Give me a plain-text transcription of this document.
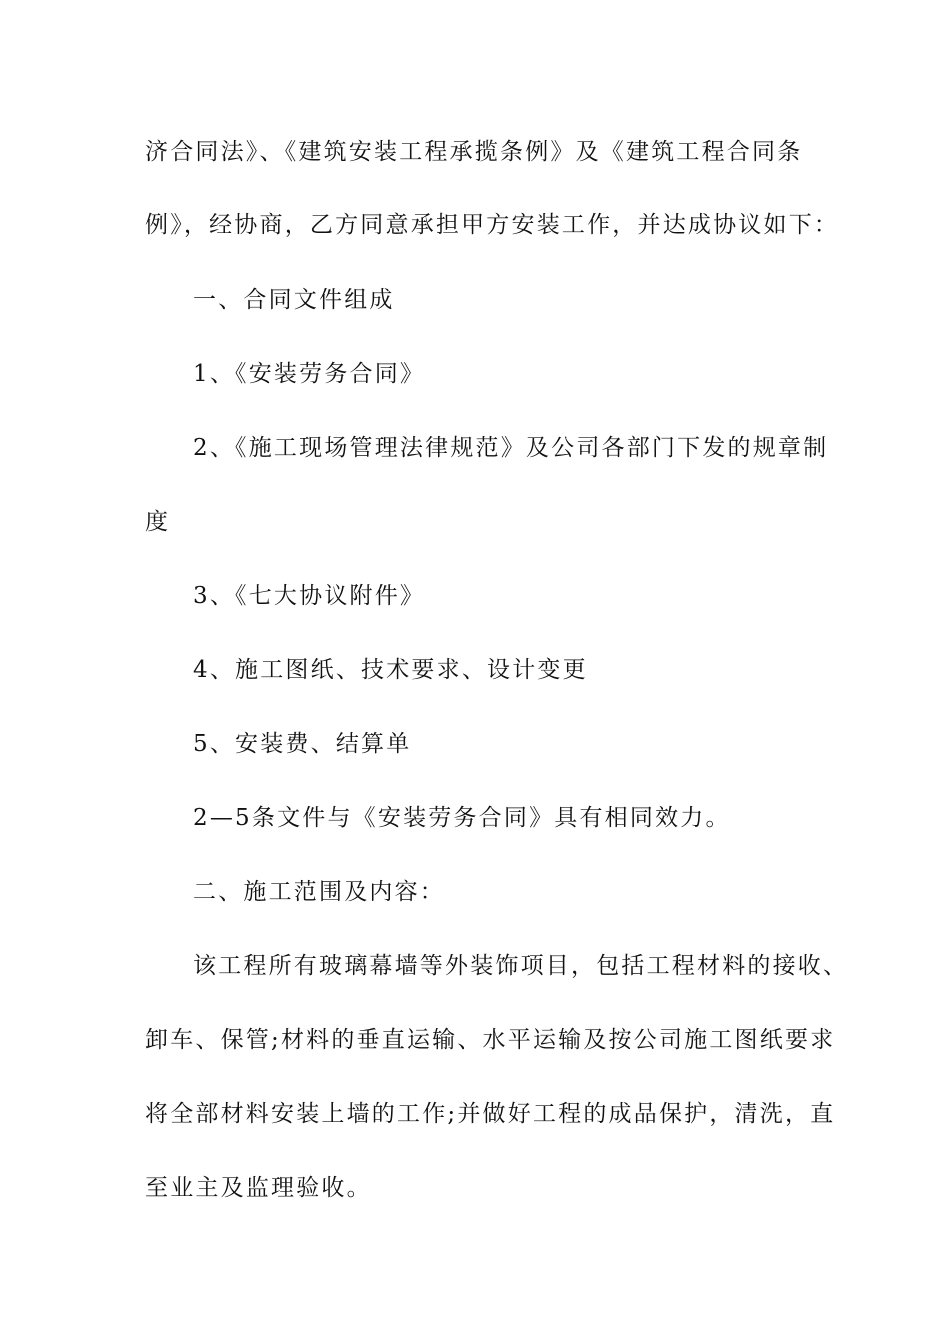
济合同法》、《建筑安装工程承揽条例》及《建筑工程合同条
例》，经协商，乙方同意承担甲方安装工作，并达成协议如下：
一、合同文件组成
1、《安装劳务合同》
2、《施工现场管理法律规范》及公司各部门下发的规章制
度
3、《七大协议附件》
4、施工图纸、技术要求、设计变更
5、安装费、结算单
2—5条文件与《安装劳务合同》具有相同效力。
二、施工范围及内容：
该工程所有玻璃幕墙等外装饰项目，包括工程材料的接收、
卸车、保管;材料的垂直运输、水平运输及按公司施工图纸要求
将全部材料安装上墙的工作;并做好工程的成品保护，清洗，直
至业主及监理验收。
